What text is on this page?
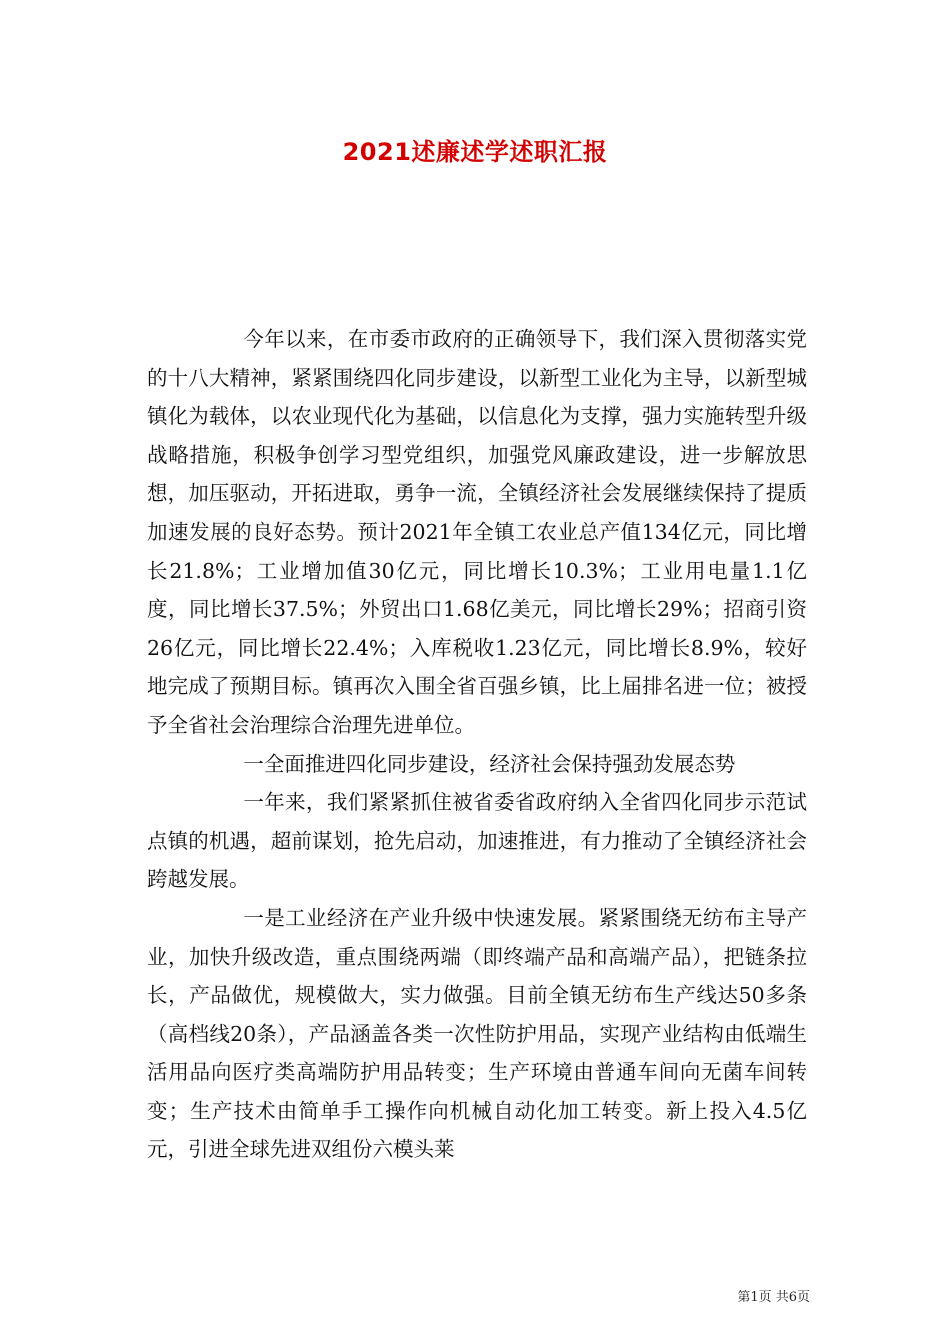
2021述廉述学述职汇报

今年以来，在市委市政府的正确领导下，我们深入贯彻落实党的十八大精神，紧紧围绕四化同步建设，以新型工业化为主导，以新型城镇化为载体，以农业现代化为基础，以信息化为支撑，强力实施转型升级战略措施，积极争创学习型党组织，加强党风廉政建设，进一步解放思想，加压驱动，开拓进取，勇争一流，全镇经济社会发展继续保持了提质加速发展的良好态势。预计2021年全镇工农业总产值134亿元，同比增长21.8%；工业增加值30亿元，同比增长10.3%；工业用电量1.1亿度，同比增长37.5%；外贸出口1.68亿美元，同比增长29%；招商引资26亿元，同比增长22.4%；入库税收1.23亿元，同比增长8.9%，较好地完成了预期目标。镇再次入围全省百强乡镇，比上届排名进一位；被授予全省社会治理综合治理先进单位。

一全面推进四化同步建设，经济社会保持强劲发展态势

一年来，我们紧紧抓住被省委省政府纳入全省四化同步示范试点镇的机遇，超前谋划，抢先启动，加速推进，有力推动了全镇经济社会跨越发展。

一是工业经济在产业升级中快速发展。紧紧围绕无纺布主导产业，加快升级改造，重点围绕两端（即终端产品和高端产品），把链条拉长，产品做优，规模做大，实力做强。目前全镇无纺布生产线达50多条（高档线20条），产品涵盖各类一次性防护用品，实现产业结构由低端生活用品向医疗类高端防护用品转变；生产环境由普通车间向无菌车间转变；生产技术由简单手工操作向机械自动化加工转变。新上投入4.5亿元，引进全球先进双组份六模头莱

第1页 共6页
